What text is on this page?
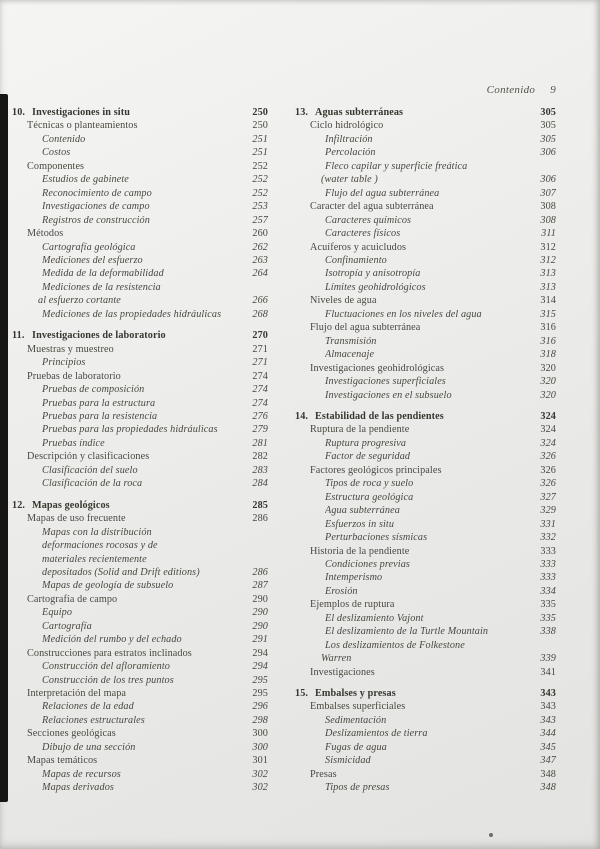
Contenido 9
10. Investigaciones in situ	250
Técnicas o planteamientos	250
Contenido	251
Costos	251
Componentes	252
Estudios de gabinete	252
Reconocimiento de campo	252
Investigaciones de campo	253
Registros de construcción	257
Métodos	260
Cartografía geológica	262
Mediciones del esfuerzo	263
Medida de la deformabilidad	264
Mediciones de la resistencia
al esfuerzo cortante	266
Mediciones de las propiedades hidráulicas	268
11. Investigaciones de laboratorio	270
Muestras y muestreo	271
Principios	271
Pruebas de laboratorio	274
Pruebas de composición	274
Pruebas para la estructura	274
Pruebas para la resistencia	276
Pruebas para las propiedades hidráulicas	279
Pruebas índice	281
Descripción y clasificaciones	282
Clasificación del suelo	283
Clasificación de la roca	284
12. Mapas geológicos	285
Mapas de uso frecuente	286
Mapas con la distribución
deformaciones rocosas y de
materiales recientemente
depositados (Solid and Drift editions)	286
Mapas de geología de subsuelo	287
Cartografía de campo	290
Equipo	290
Cartografía	290
Medición del rumbo y del echado	291
Construcciones para estratos inclinados	294
Construcción del afloramiento	294
Construcción de los tres puntos	295
Interpretación del mapa	295
Relaciones de la edad	296
Relaciones estructurales	298
Secciones geológicas	300
Dibujo de una sección	300
Mapas temáticos	301
Mapas de recursos	302
Mapas derivados	302
13. Aguas subterráneas	305
Ciclo hidrológico	305
Infiltración	305
Percolación	306
Fleco capilar y superficie freática
(water table )	306
Flujo del agua subterránea	307
Caracter del agua subterránea	308
Caracteres químicos	308
Caracteres físicos	311
Acuíferos y acuicludos	312
Confinamiento	312
Isotropía y anisotropía	313
Límites geohidrológicos	313
Niveles de agua	314
Fluctuaciones en los niveles del agua	315
Flujo del agua subterránea	316
Transmisión	316
Almacenaje	318
Investigaciones geohidrológicas	320
Investigaciones superficiales	320
Investigaciones en el subsuelo	320
14. Estabilidad de las pendientes	324
Ruptura de la pendiente	324
Ruptura progresiva	324
Factor de seguridad	326
Factores geológicos principales	326
Tipos de roca y suelo	326
Estructura geológica	327
Agua subterránea	329
Esfuerzos in situ	331
Perturbaciones sísmicas	332
Historia de la pendiente	333
Condiciones previas	333
Intemperismo	333
Erosión	334
Ejemplos de ruptura	335
El deslizamiento Vajont	335
El deslizamiento de la Turtle Mountain	338
Los deslizamientos de Folkestone
Warren	339
Investigaciones	341
15. Embalses y presas	343
Embalses superficiales	343
Sedimentación	343
Deslizamientos de tierra	344
Fugas de agua	345
Sismicidad	347
Presas	348
Tipos de presas	348
